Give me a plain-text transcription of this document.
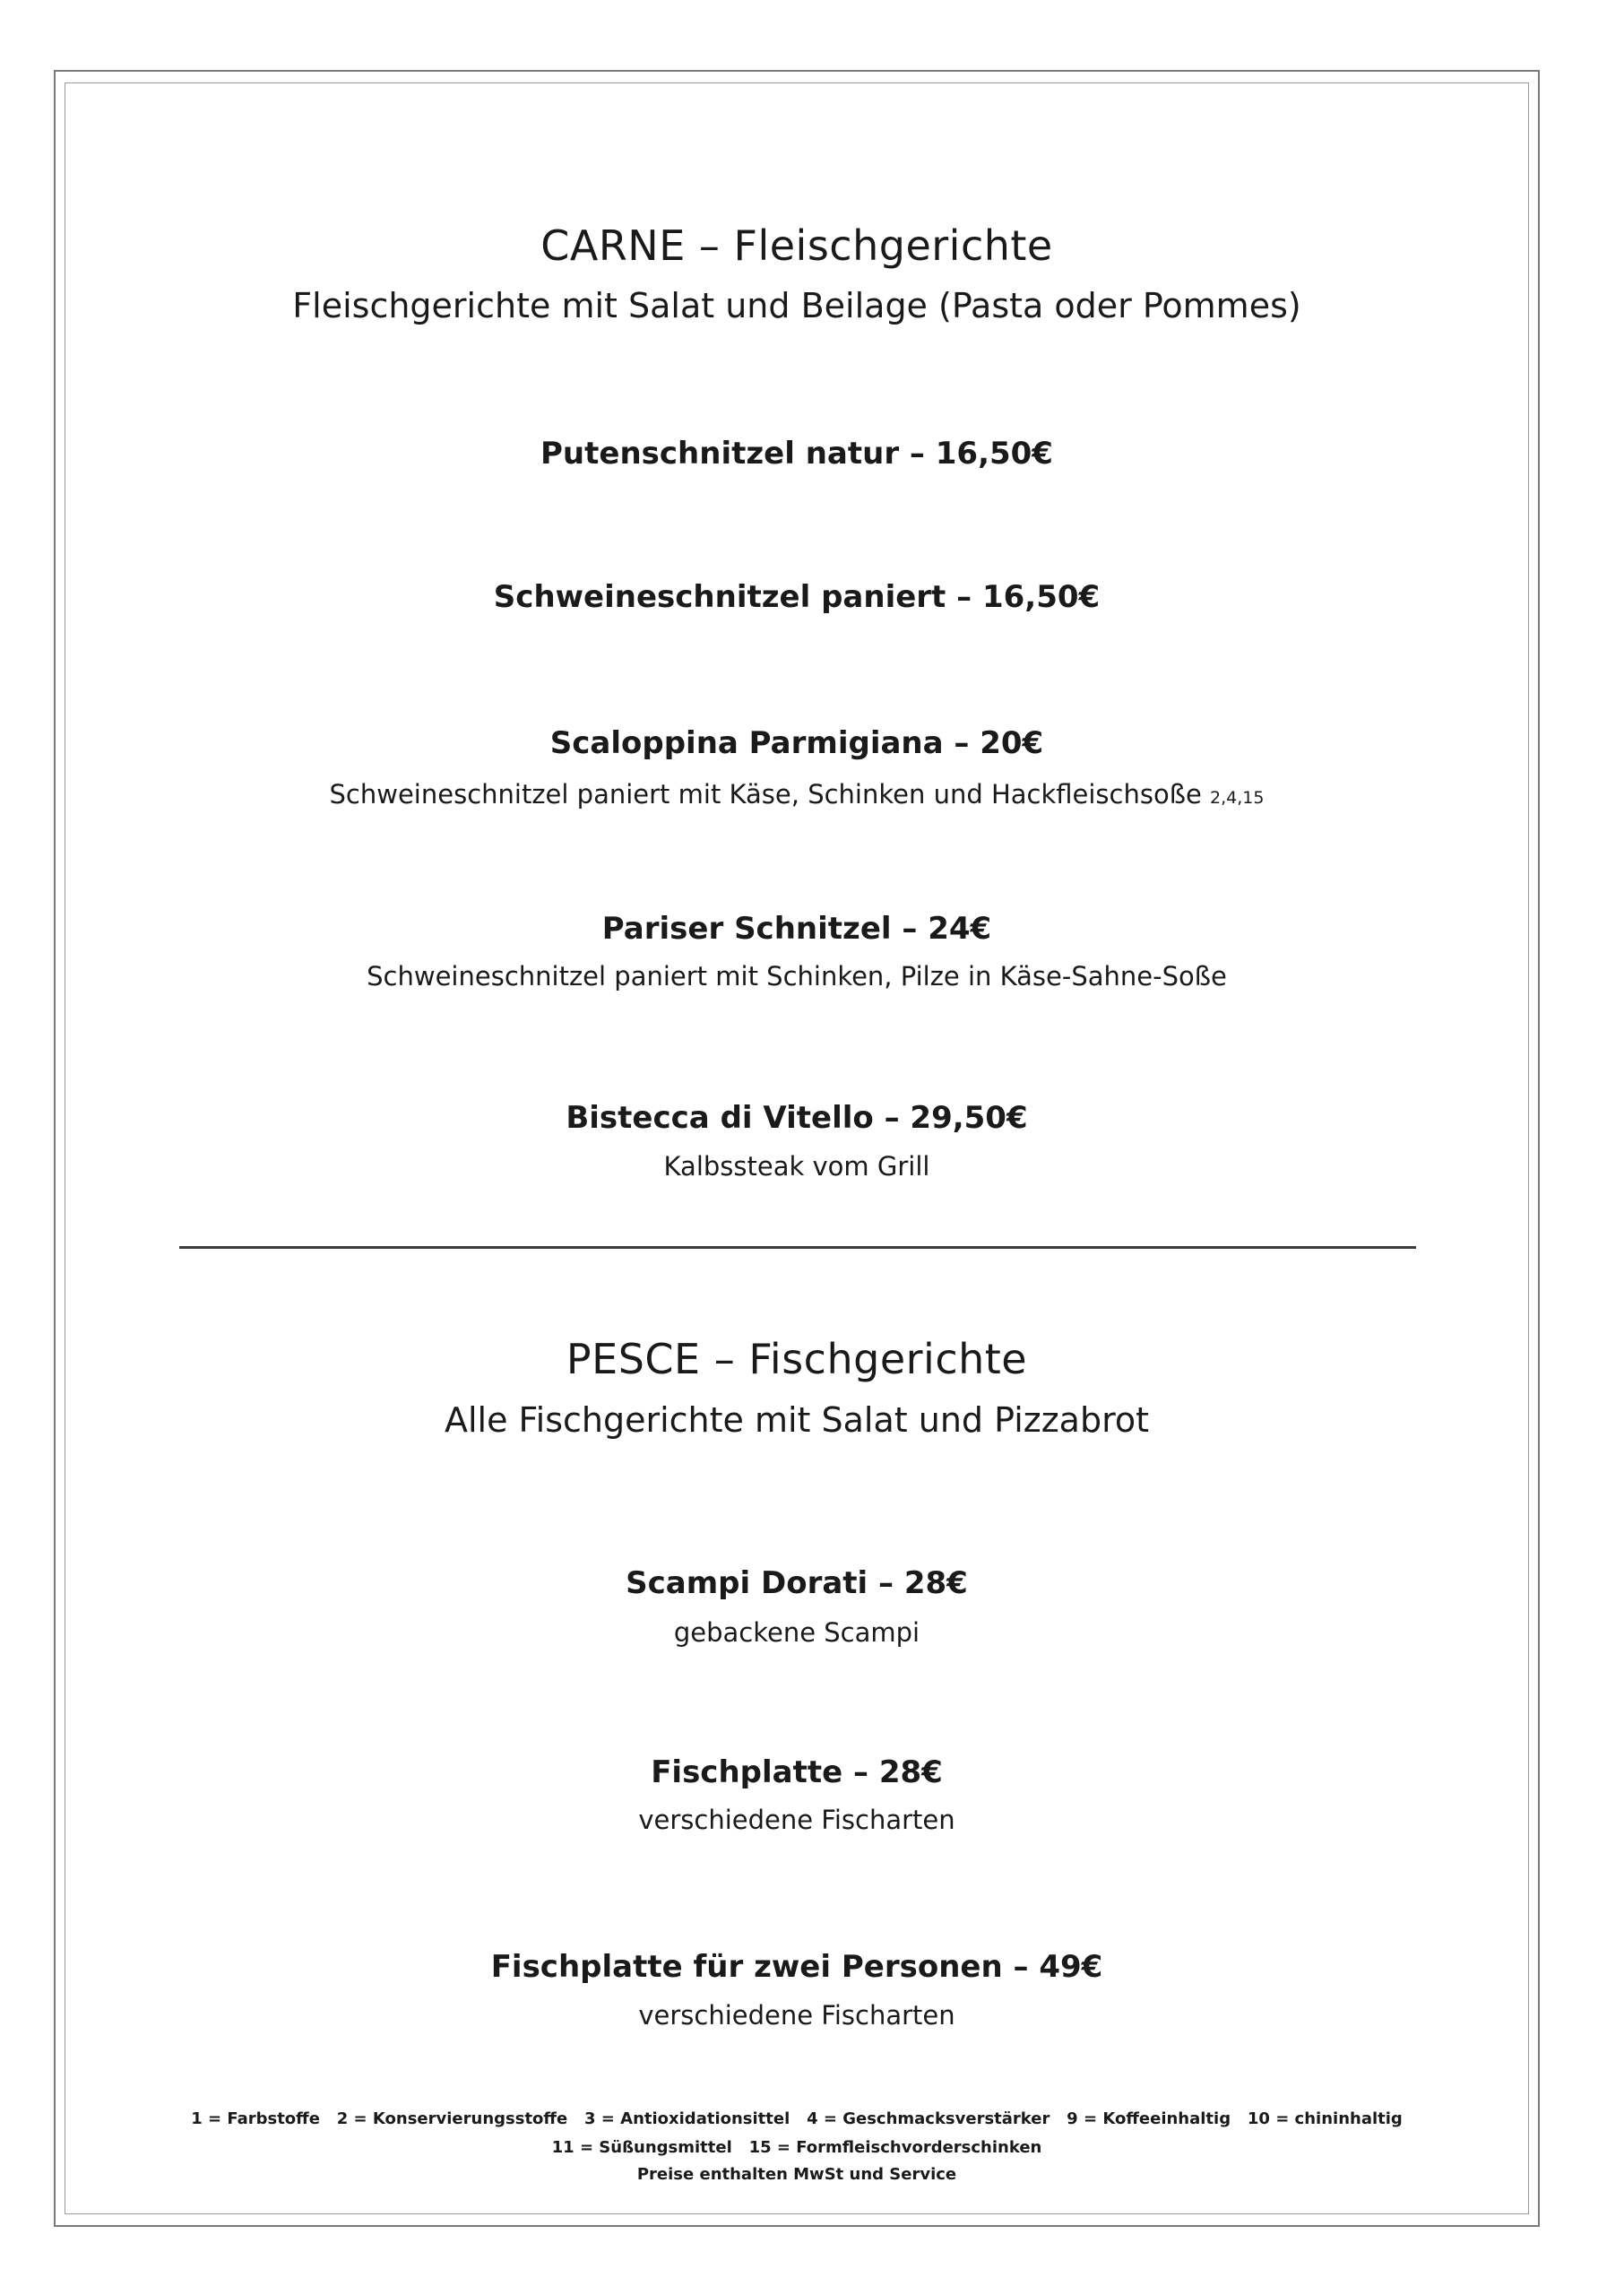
CARNE – Fleischgerichte
Fleischgerichte mit Salat und Beilage (Pasta oder Pommes)
Putenschnitzel natur – 16,50€
Schweineschnitzel paniert – 16,50€
Scaloppina Parmigiana – 20€
Schweineschnitzel paniert mit Käse, Schinken und Hackfleischsoße 2,4,15
Pariser Schnitzel – 24€
Schweineschnitzel paniert mit Schinken, Pilze in Käse-Sahne-Soße
Bistecca di Vitello – 29,50€
Kalbssteak vom Grill
PESCE – Fischgerichte
Alle Fischgerichte mit Salat und Pizzabrot
Scampi Dorati – 28€
gebackene Scampi
Fischplatte – 28€
verschiedene Fischarten
Fischplatte für zwei Personen – 49€
verschiedene Fischarten
1 = Farbstoffe   2 = Konservierungsstoffe   3 = Antioxidationsittel   4 = Geschmacksverstärker   9 = Koffeeinhaltig   10 = chininhaltig
11 = Süßungsmittel   15 = Formfleischvorderschinken
Preise enthalten MwSt und Service
